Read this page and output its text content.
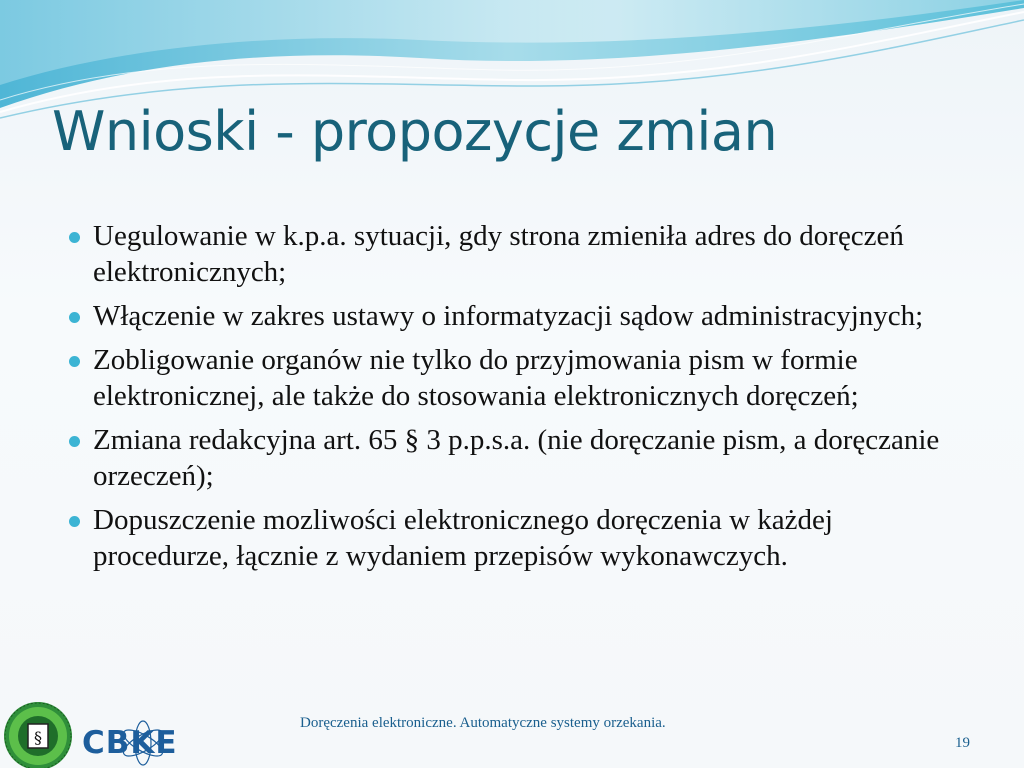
Wnioski - propozycje zmian
Uegulowanie w k.p.a. sytuacji, gdy strona zmieniła adres do doręczeń elektronicznych;
Włączenie w zakres ustawy o informatyzacji sądow administracyjnych;
Zobligowanie organów nie tylko do przyjmowania pism w formie elektronicznej, ale także do stosowania elektronicznych doręczeń;
Zmiana redakcyjna art. 65 § 3 p.p.s.a. (nie doręczanie pism, a doręczanie orzeczeń);
Dopuszczenie mozliwości elektronicznego doręczenia w każdej procedurze, łącznie z wydaniem przepisów wykonawczych.
§ CBKE
Doręczenia elektroniczne. Automatyczne systemy orzekania.
19
